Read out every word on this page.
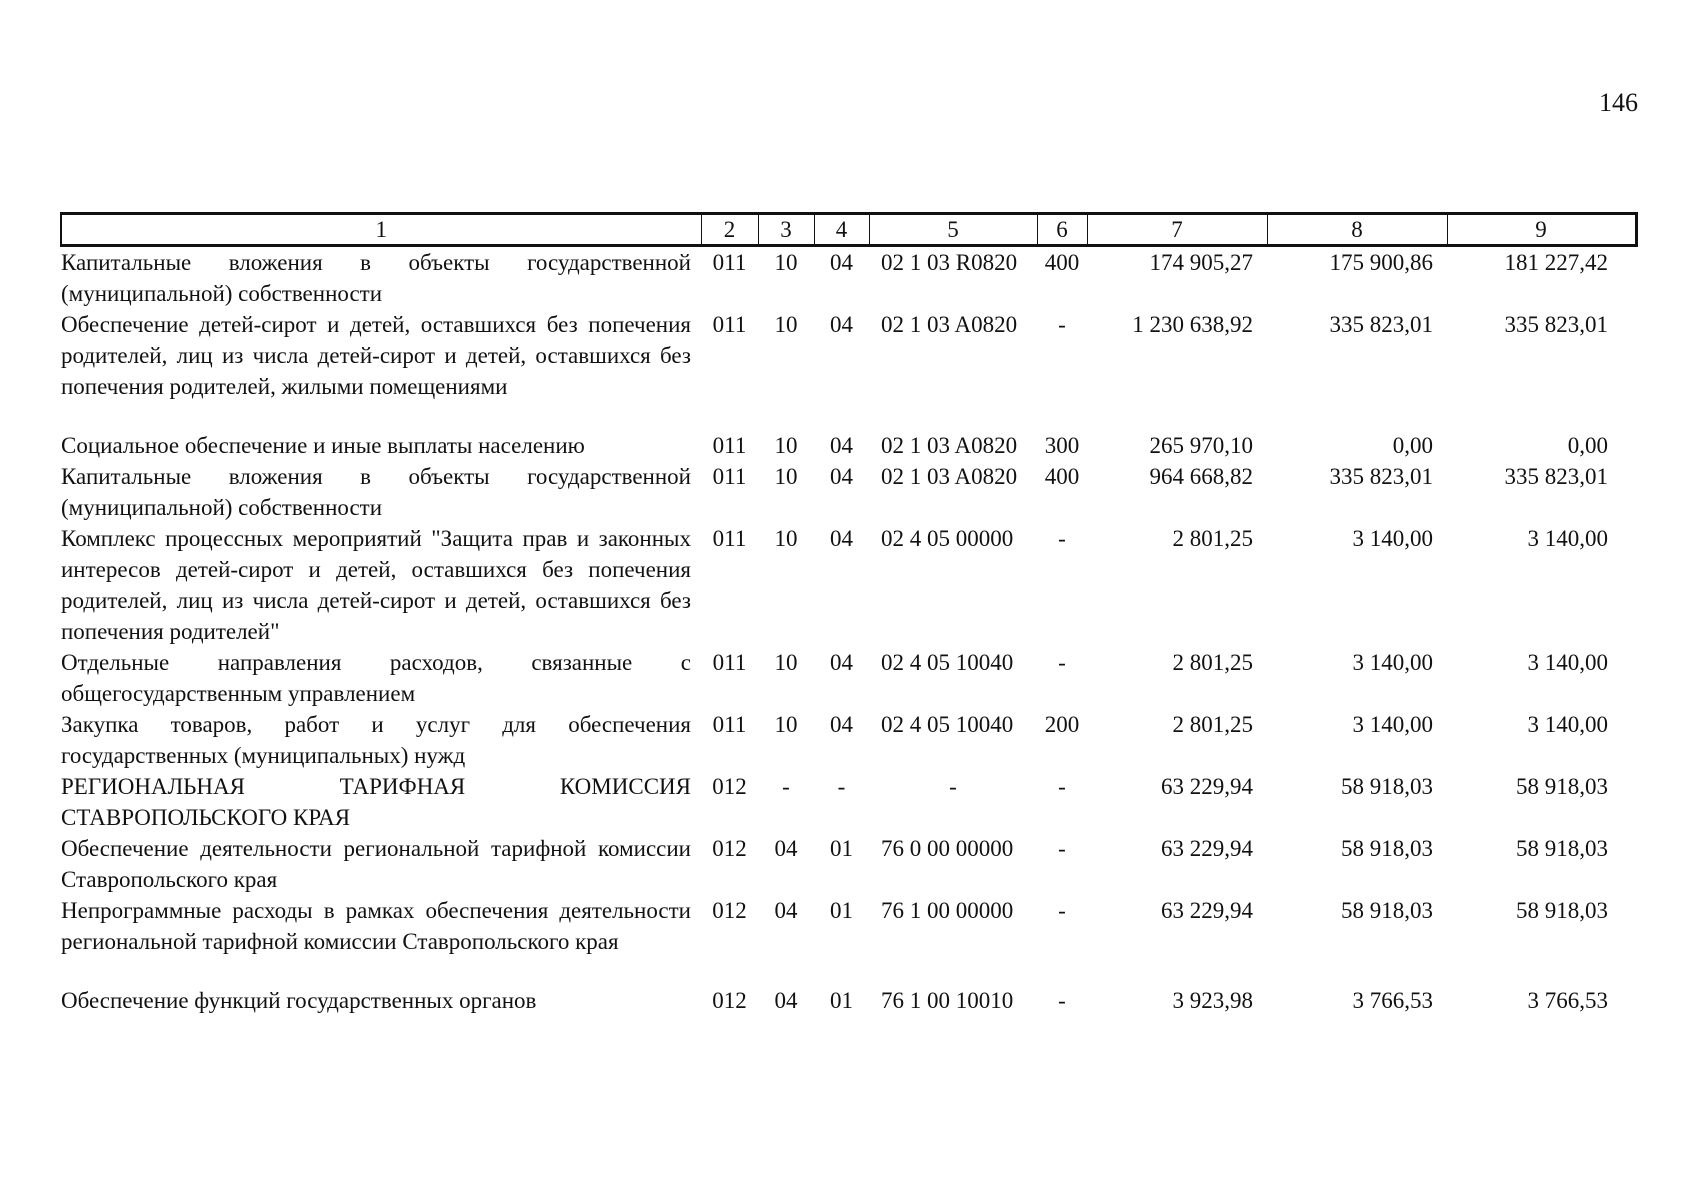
146
1	2	3	4	5	6	7	8	9
Капитальные вложения в объекты государственной (муниципальной) собственности	011	10	04	02 1 03 R0820	400	174 905,27	175 900,86	181 227,42
Обеспечение детей-сирот и детей, оставшихся без попечения родителей, лиц из числа детей-сирот и детей, оставшихся без попечения родителей, жилыми помещениями	011	10	04	02 1 03 A0820	-	1 230 638,92	335 823,01	335 823,01
Социальное обеспечение и иные выплаты населению	011	10	04	02 1 03 A0820	300	265 970,10	0,00	0,00
Капитальные вложения в объекты государственной (муниципальной) собственности	011	10	04	02 1 03 A0820	400	964 668,82	335 823,01	335 823,01
Комплекс процессных мероприятий "Защита прав и законных интересов детей-сирот и детей, оставшихся без попечения родителей, лиц из числа детей-сирот и детей, оставшихся без попечения родителей"	011	10	04	02 4 05 00000	-	2 801,25	3 140,00	3 140,00
Отдельные направления расходов, связанные с общегосударственным управлением	011	10	04	02 4 05 10040	-	2 801,25	3 140,00	3 140,00
Закупка товаров, работ и услуг для обеспечения государственных (муниципальных) нужд	011	10	04	02 4 05 10040	200	2 801,25	3 140,00	3 140,00
РЕГИОНАЛЬНАЯ ТАРИФНАЯ КОМИССИЯ СТАВРОПОЛЬСКОГО КРАЯ	012	-	-	-	-	63 229,94	58 918,03	58 918,03
Обеспечение деятельности региональной тарифной комиссии Ставропольского края	012	04	01	76 0 00 00000	-	63 229,94	58 918,03	58 918,03
Непрограммные расходы в рамках обеспечения деятельности региональной тарифной комиссии Ставропольского края	012	04	01	76 1 00 00000	-	63 229,94	58 918,03	58 918,03
Обеспечение функций государственных органов	012	04	01	76 1 00 10010	-	3 923,98	3 766,53	3 766,53
